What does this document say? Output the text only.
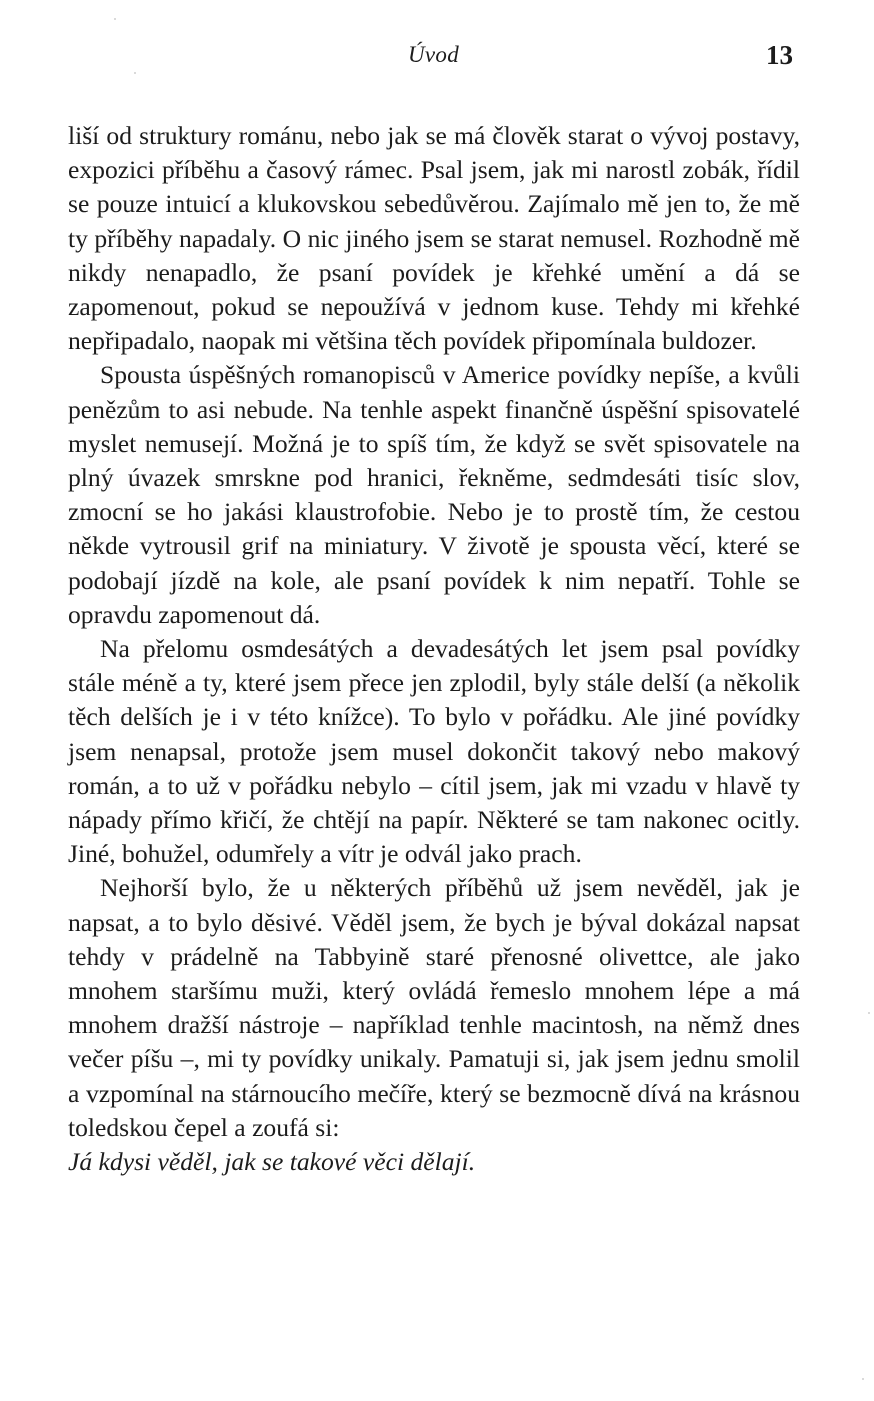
Úvod	13

liší od struktury románu, nebo jak se má člověk starat o vývoj postavy, expozici příběhu a časový rámec. Psal jsem, jak mi narostl zobák, řídil se pouze intuicí a klukovskou sebedůvěrou. Zajímalo mě jen to, že mě ty příběhy napadaly. O nic jiného jsem se starat nemusel. Rozhodně mě nikdy nenapadlo, že psaní povídek je křehké umění a dá se zapomenout, pokud se nepoužívá v jednom kuse. Tehdy mi křehké nepřipadalo, naopak mi většina těch povídek připomínala buldozer.

Spousta úspěšných romanopisců v Americe povídky nepíše, a kvůli penězům to asi nebude. Na tenhle aspekt finančně úspěšní spisovatelé myslet nemusejí. Možná je to spíš tím, že když se svět spisovatele na plný úvazek smrskne pod hranici, řekněme, sedmdesáti tisíc slov, zmocní se ho jakási klaustrofobie. Nebo je to prostě tím, že cestou někde vytrousil grif na miniatury. V životě je spousta věcí, které se podobají jízdě na kole, ale psaní povídek k nim nepatří. Tohle se opravdu zapomenout dá.

Na přelomu osmdesátých a devadesátých let jsem psal povídky stále méně a ty, které jsem přece jen zplodil, byly stále delší (a několik těch delších je i v této knížce). To bylo v pořádku. Ale jiné povídky jsem nenapsal, protože jsem musel dokončit takový nebo makový román, a to už v pořádku nebylo – cítil jsem, jak mi vzadu v hlavě ty nápady přímo křičí, že chtějí na papír. Některé se tam nakonec ocitly. Jiné, bohužel, odumřely a vítr je odvál jako prach.

Nejhorší bylo, že u některých příběhů už jsem nevěděl, jak je napsat, a to bylo děsivé. Věděl jsem, že bych je býval dokázal napsat tehdy v prádelně na Tabbyině staré přenosné olivettce, ale jako mnohem staršímu muži, který ovládá řemeslo mnohem lépe a má mnohem dražší nástroje – například tenhle macintosh, na němž dnes večer píšu –, mi ty povídky unikaly. Pamatuji si, jak jsem jednu smolil a vzpomínal na stárnoucího mečíře, který se bezmocně dívá na krásnou toledskou čepel a zoufá si:

Já kdysi věděl, jak se takové věci dělají.
